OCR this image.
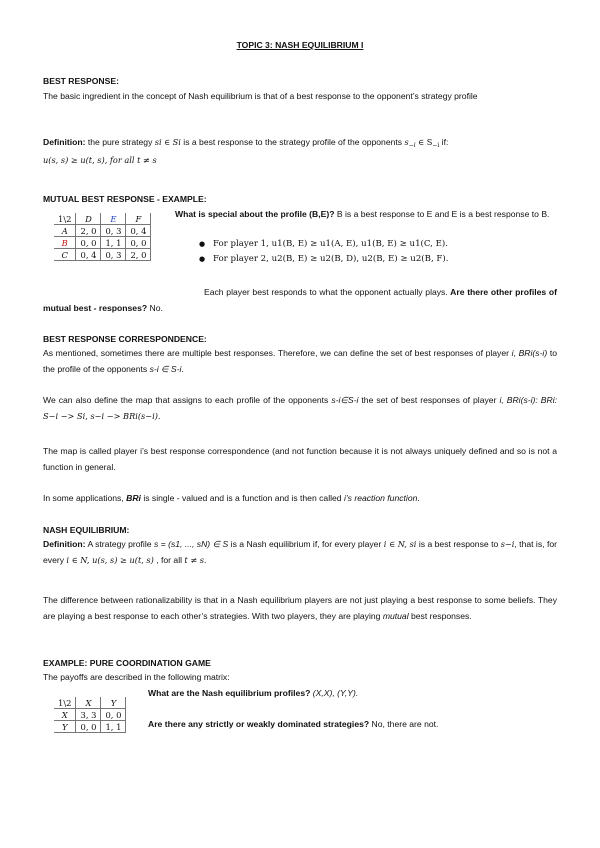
TOPIC 3: NASH EQUILIBRIUM I
BEST RESPONSE:

The basic ingredient in the concept of Nash equilibrium is that of a best response to the opponent’s strategy profile

Definition: the pure strategy si ∈ Si is a best response to the strategy profile of the opponents $s_{-i}$ ∈ $S_{-i}$ if:

u(s, s) ≥ u(t, s), for all t ≠ s

MUTUAL BEST RESPONSE - EXAMPLE:
1\2	D	E	F
A	2, 0	0, 3	0, 4
B	0, 0	1, 1	0, 0
C	0, 4	0, 3	2, 0

What is special about the profile (B,E)? B is a best response to E and E is a best response to B.

● For player 1, u1(B, E) ≥ u1(A, E), u1(B, E) ≥ u1(C, E).
● For player 2, u2(B, E) ≥ u2(B, D), u2(B, E) ≥ u2(B, F).

Each player best responds to what the opponent actually plays. Are there other profiles of mutual best - responses? No.

BEST RESPONSE CORRESPONDENCE:

As mentioned, sometimes there are multiple best responses. Therefore, we can define the set of best responses of player i, BRi(s-i) to the profile of the opponents s-i ∈ S-i.

We can also define the map that assigns to each profile of the opponents s-i∈S-i the set of best responses of player i, BRi(s-i): BRi: S−i −> Si, s−i −> BRi(s−i).

The map is called player i’s best response correspondence (and not function because it is not always uniquely defined and so is not a function in general.

In some applications, BRi is single - valued and is a function and is then called i’s reaction function.

NASH EQUILIBRIUM:

Definition: A strategy profile s = (s1, ..., sN) ∈ S is a Nash equilibrium if, for every player i ∈ N, si is a best response to s−i, that is, for every i ∈ N, u(s, s) ≥ u(t, s) , for all t ≠ s.

The difference between rationalizability is that in a Nash equilibrium players are not just playing a best response to some beliefs. They are playing a best response to each other’s strategies. With two players, they are playing mutual best responses.

EXAMPLE: PURE COORDINATION GAME

The payoffs are described in the following matrix:

1\2	X	Y
X	3, 3	0, 0
Y	0, 0	1, 1

What are the Nash equilibrium profiles? (X,X), (Y,Y).

Are there any strictly or weakly dominated strategies? No, there are not.
